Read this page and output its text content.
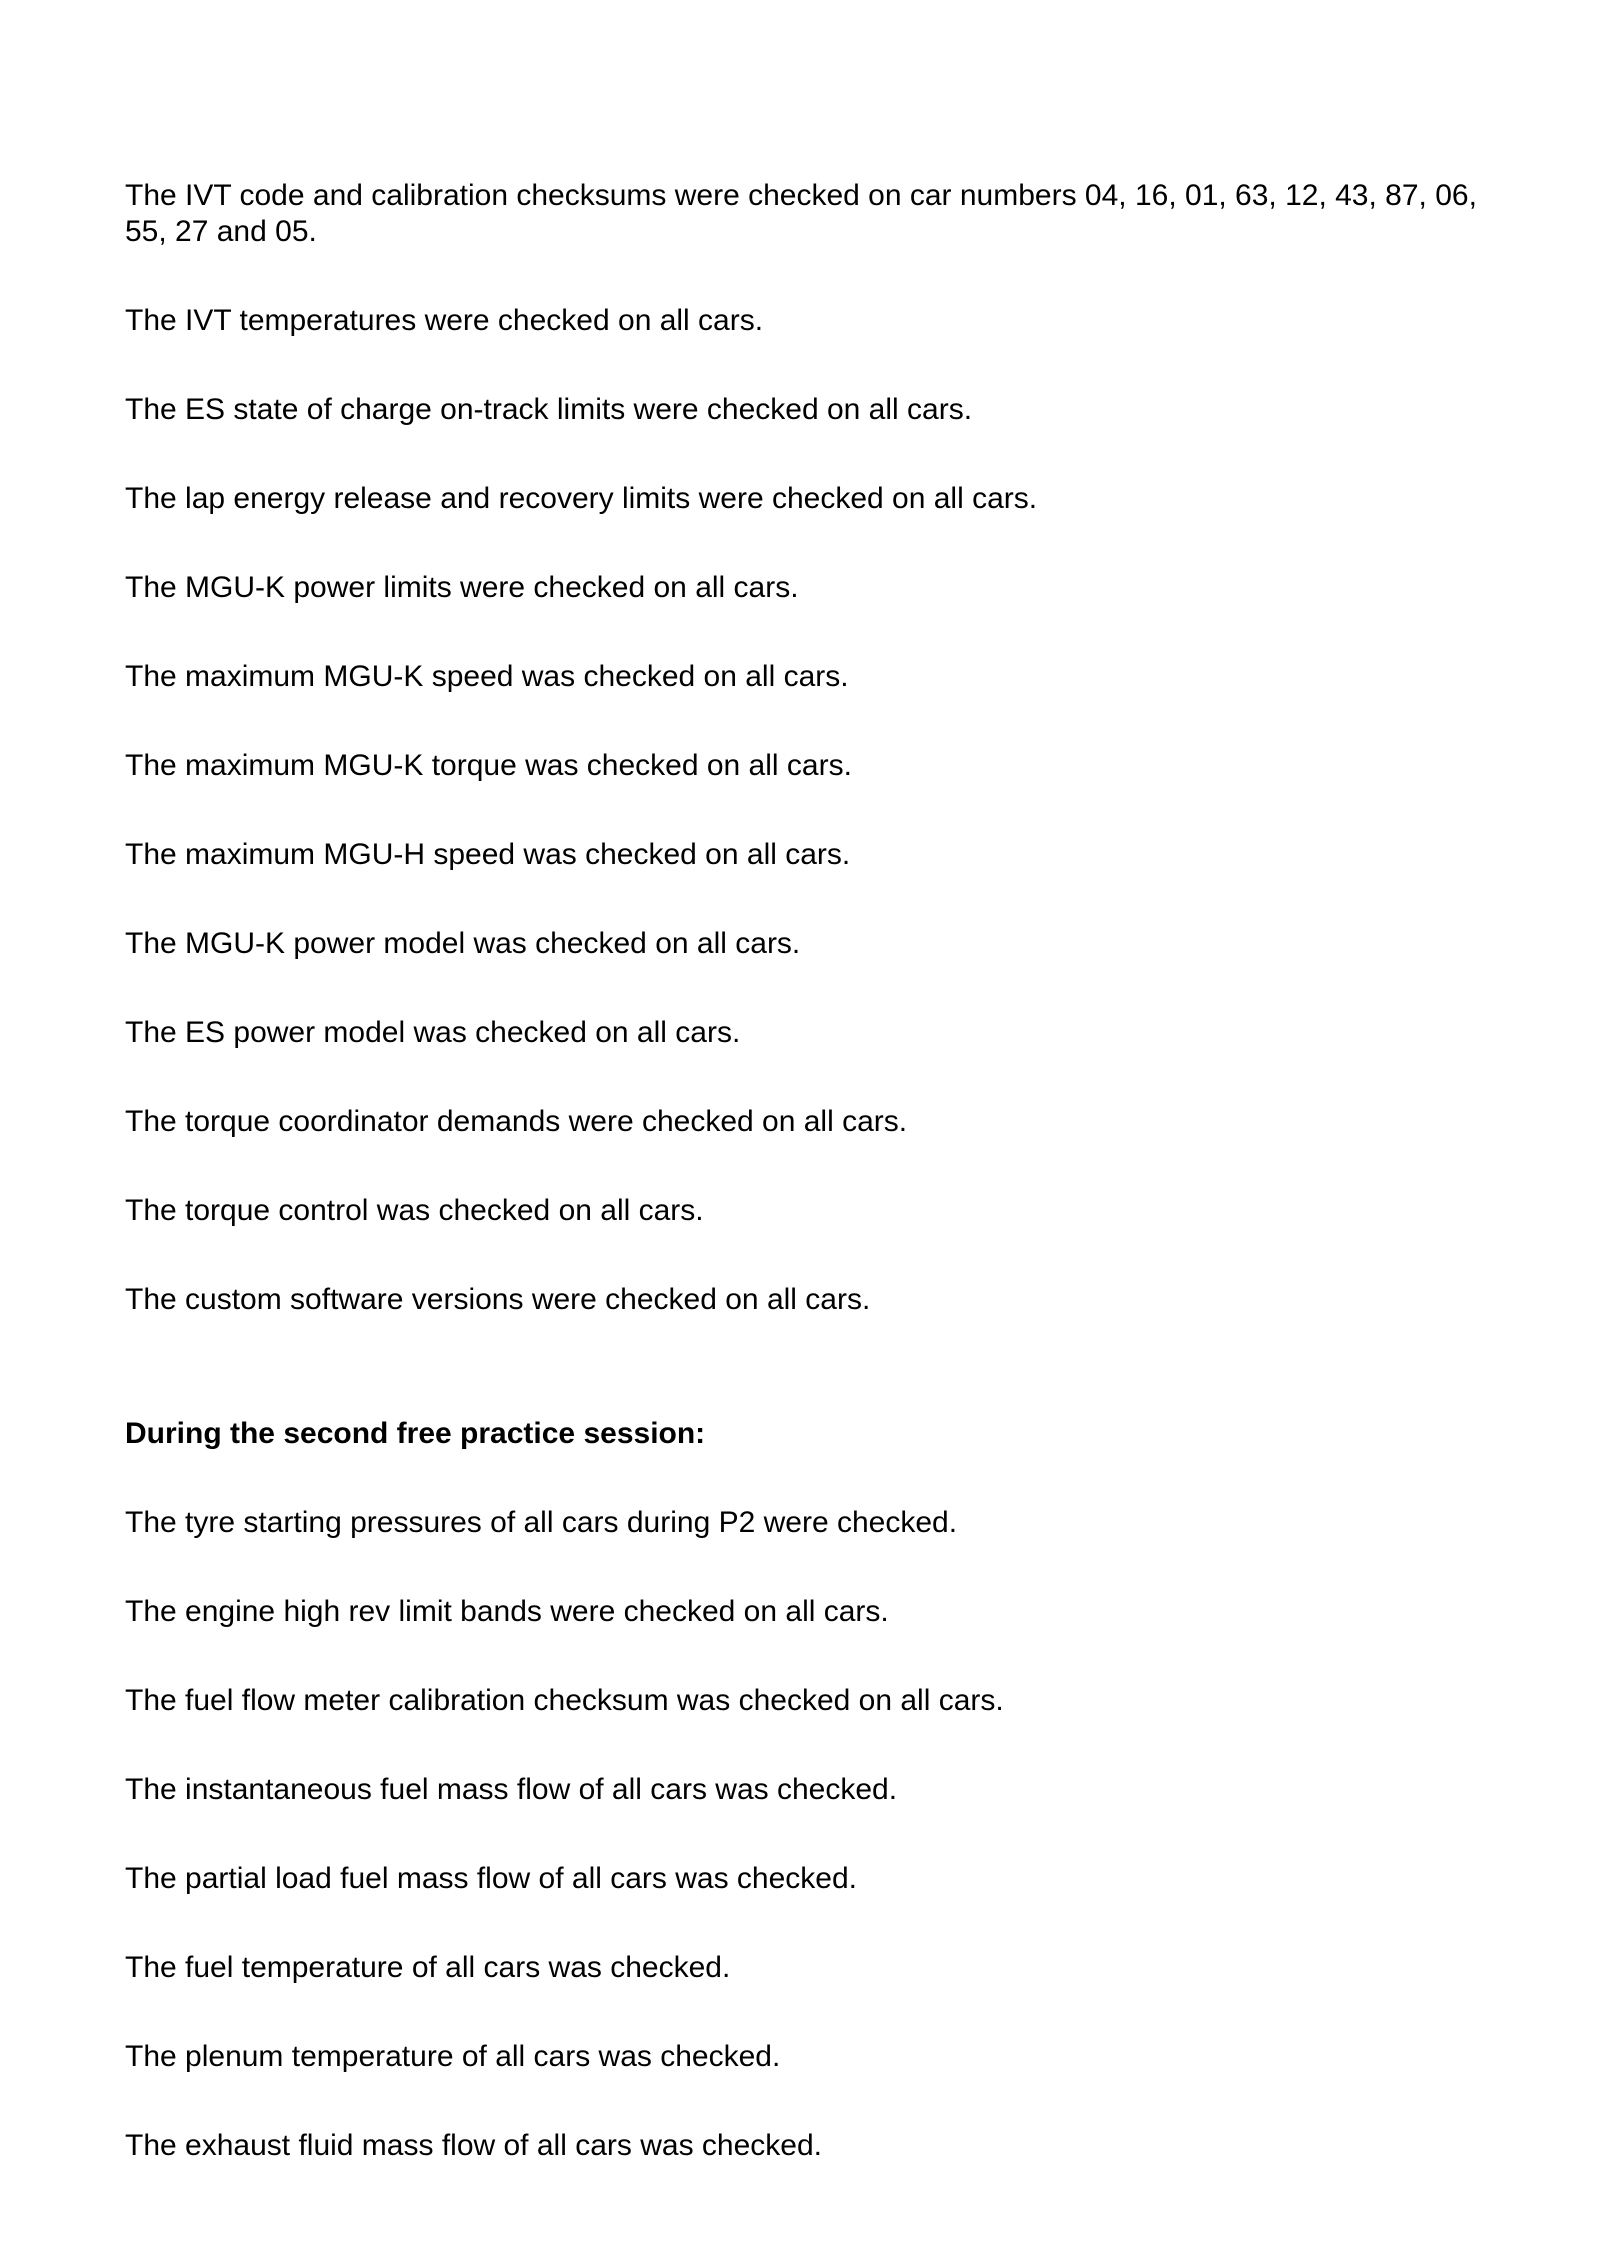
The IVT code and calibration checksums were checked on car numbers 04, 16, 01, 63, 12, 43, 87, 06, 55, 27 and 05.

The IVT temperatures were checked on all cars.

The ES state of charge on-track limits were checked on all cars.

The lap energy release and recovery limits were checked on all cars.

The MGU-K power limits were checked on all cars.

The maximum MGU-K speed was checked on all cars.

The maximum MGU-K torque was checked on all cars.

The maximum MGU-H speed was checked on all cars.

The MGU-K power model was checked on all cars.

The ES power model was checked on all cars.

The torque coordinator demands were checked on all cars.

The torque control was checked on all cars.

The custom software versions were checked on all cars.

During the second free practice session:

The tyre starting pressures of all cars during P2 were checked.

The engine high rev limit bands were checked on all cars.

The fuel flow meter calibration checksum was checked on all cars.

The instantaneous fuel mass flow of all cars was checked.

The partial load fuel mass flow of all cars was checked.

The fuel temperature of all cars was checked.

The plenum temperature of all cars was checked.

The exhaust fluid mass flow of all cars was checked.
